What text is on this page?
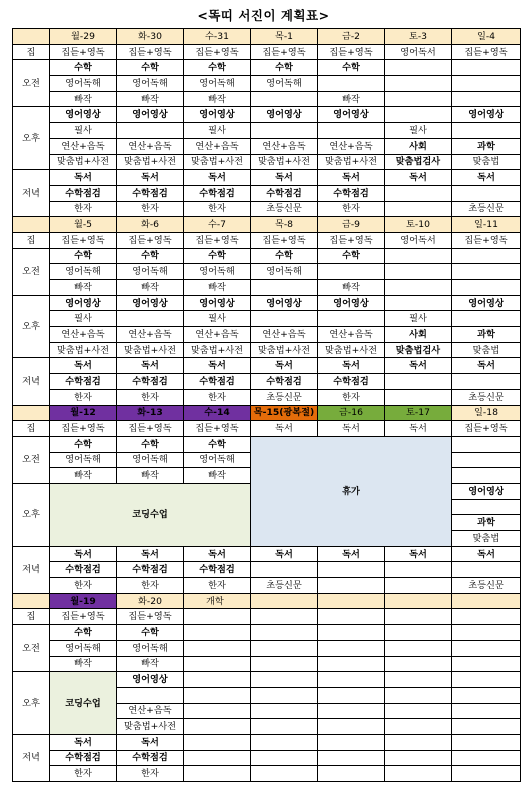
<똑띠 서진이 계획표>
	월-29	화-30	수-31	목-1	금-2	토-3	일-4
집	집듣+영독	집듣+영독	집듣+영독	집듣+영독	집듣+영독	영어독서	집듣+영독
오전	수학	수학	수학	수학	수학		
	영어독해	영어독해	영어독해	영어독해			
	빠작	빠작	빠작		빠작		
오후	영어영상	영어영상	영어영상	영어영상	영어영상		영어영상
	필사		필사			필사	
	연산+음독	연산+음독	연산+음독	연산+음독	연산+음독	사회	과학
	맞춤법+사전	맞춤법+사전	맞춤법+사전	맞춤법+사전	맞춤법+사전	맞춤법검사	맞춤법
저녁	독서	독서	독서	독서	독서	독서	독서
	수학점검	수학점검	수학점검	수학점검	수학점검		
	한자	한자	한자	초등신문	한자		초등신문
	월-5	화-6	수-7	목-8	금-9	토-10	일-11
집	집듣+영독	집듣+영독	집듣+영독	집듣+영독	집듣+영독	영어독서	집듣+영독
오전	수학	수학	수학	수학	수학		
	영어독해	영어독해	영어독해	영어독해			
	빠작	빠작	빠작		빠작		
오후	영어영상	영어영상	영어영상	영어영상	영어영상		영어영상
	필사		필사			필사	
	연산+음독	연산+음독	연산+음독	연산+음독	연산+음독	사회	과학
	맞춤법+사전	맞춤법+사전	맞춤법+사전	맞춤법+사전	맞춤법+사전	맞춤법검사	맞춤법
저녁	독서	독서	독서	독서	독서	독서	독서
	수학점검	수학점검	수학점검	수학점검	수학점검		
	한자	한자	한자	초등신문	한자		초등신문
	월-12	화-13	수-14	목-15(광복절)	금-16	토-17	일-18
집	집듣+영독	집듣+영독	집듣+영독	독서	독서	독서	집듣+영독
오전	수학	수학	수학	휴가			
	영어독해	영어독해	영어독해				
	빠작	빠작	빠작				
오후	코딩수업						영어영상

							과학
							맞춤법
저녁	독서	독서	독서	독서	독서	독서	독서
	수학점검	수학점검	수학점검				
	한자	한자	한자	초등신문			초등신문
	월-19	화-20	개학				
집	집듣+영독	집듣+영독					
오전	수학	수학					
	영어독해	영어독해					
	빠작	빠작					
오후	코딩수업	영어영상					

		연산+음독					
		맞춤법+사전					
저녁	독서	독서					
	수학점검	수학점검					
	한자	한자					
